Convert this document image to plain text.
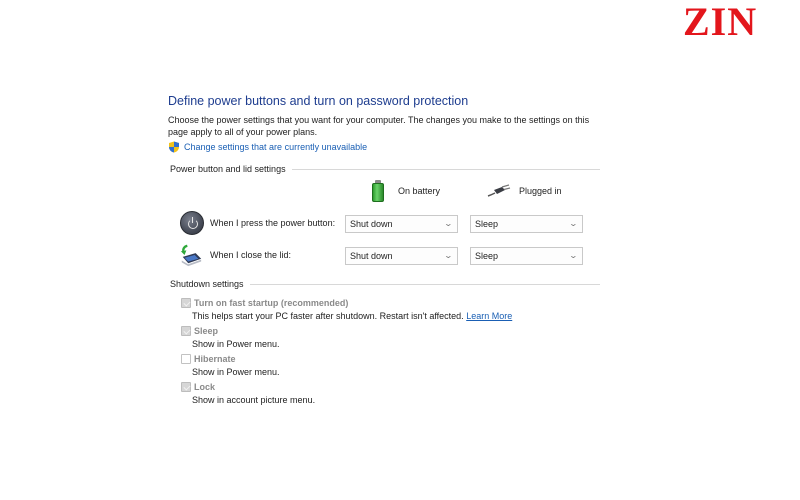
ZIN
Define power buttons and turn on password protection
Choose the power settings that you want for your computer. The changes you make to the settings on this page apply to all of your power plans.
Change settings that are currently unavailable
Power button and lid settings
On battery	Plugged in
When I press the power button: Shut down	⌄ Sleep	⌄
When I close the lid:	Shut down	⌄ Sleep	⌄
Shutdown settings
Turn on fast startup (recommended)
This helps start your PC faster after shutdown. Restart isn't affected. Learn More
Sleep
Show in Power menu.
Hibernate
Show in Power menu.
Lock
Show in account picture menu.
